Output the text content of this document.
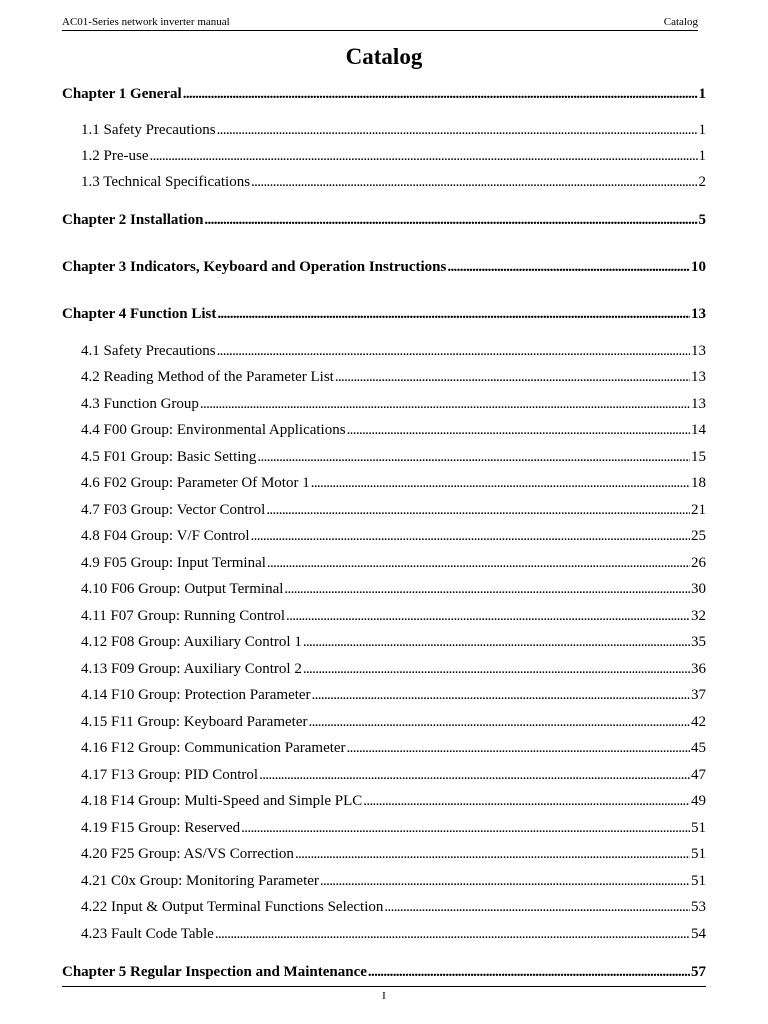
AC01-Series network inverter manual	Catalog
Catalog
Chapter 1 General . . .	1
1.1 Safety Precautions . . .	1
1.2 Pre-use . . .	1
1.3 Technical Specifications . . .	2
Chapter 2 Installation . . .	5
Chapter 3 Indicators, Keyboard and Operation Instructions . . .	10
Chapter 4 Function List . . .	13
4.1 Safety Precautions . . .	13
4.2 Reading Method of the Parameter List . . .	13
4.3 Function Group . . .	13
4.4 F00 Group: Environmental Applications . . .	14
4.5 F01 Group: Basic Setting . . .	15
4.6 F02 Group: Parameter Of Motor 1 . . .	18
4.7 F03 Group: Vector Control . . .	21
4.8 F04 Group: V/F Control . . .	25
4.9 F05 Group: Input Terminal . . .	26
4.10 F06 Group: Output Terminal . . .	30
4.11 F07 Group: Running Control . . .	32
4.12 F08 Group: Auxiliary Control 1 . . .	35
4.13 F09 Group: Auxiliary Control 2 . . .	36
4.14 F10 Group: Protection Parameter . . .	37
4.15 F11 Group: Keyboard Parameter . . .	42
4.16 F12 Group: Communication Parameter . . .	45
4.17 F13 Group: PID Control . . .	47
4.18 F14 Group: Multi-Speed and Simple PLC . . .	49
4.19 F15 Group: Reserved . . .	51
4.20 F25 Group: AS/VS Correction . . .	51
4.21 C0x Group: Monitoring Parameter . . .	51
4.22 Input & Output Terminal Functions Selection . . .	53
4.23 Fault Code Table . . .	54
Chapter 5 Regular Inspection and Maintenance . . .	57
I
